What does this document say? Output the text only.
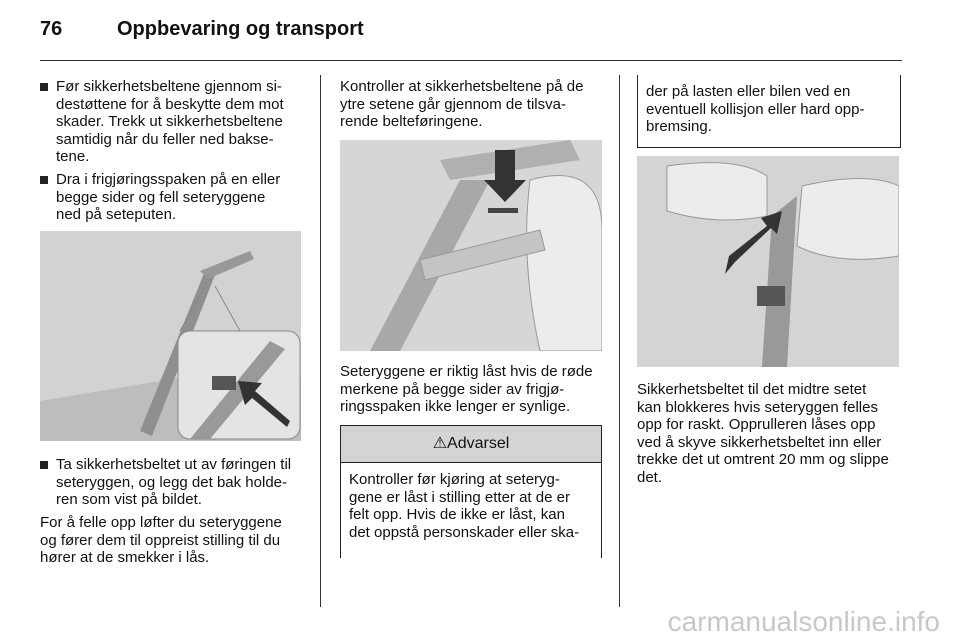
76	Oppbevaring og transport
Før sikkerhetsbeltene gjennom si-
destøttene for å beskytte dem mot
skader. Trekk ut sikkerhetsbeltene
samtidig når du feller ned bakse-
tene.
Dra i frigjøringsspaken på en eller
begge sider og fell seteryggene
ned på seteputen.
Ta sikkerhetsbeltet ut av føringen til
seteryggen, og legg det bak holde-
ren som vist på bildet.
For å felle opp løfter du seteryggene
og fører dem til oppreist stilling til du
hører at de smekker i lås.
Kontroller at sikkerhetsbeltene på de
ytre setene går gjennom de tilsva-
rende belteføringene.
Seteryggene er riktig låst hvis de røde
merkene på begge sider av frigjø-
ringsspaken ikke lenger er synlige.
⚠Advarsel
Kontroller før kjøring at seteryg-
gene er låst i stilling etter at de er
felt opp. Hvis de ikke er låst, kan
det oppstå personskader eller ska-
der på lasten eller bilen ved en
eventuell kollisjon eller hard opp-
bremsing.
Sikkerhetsbeltet til det midtre setet
kan blokkeres hvis seteryggen felles
opp for raskt. Opprulleren låses opp
ved å skyve sikkerhetsbeltet inn eller
trekke det ut omtrent 20 mm og slippe
det.
carmanualsonline.info
